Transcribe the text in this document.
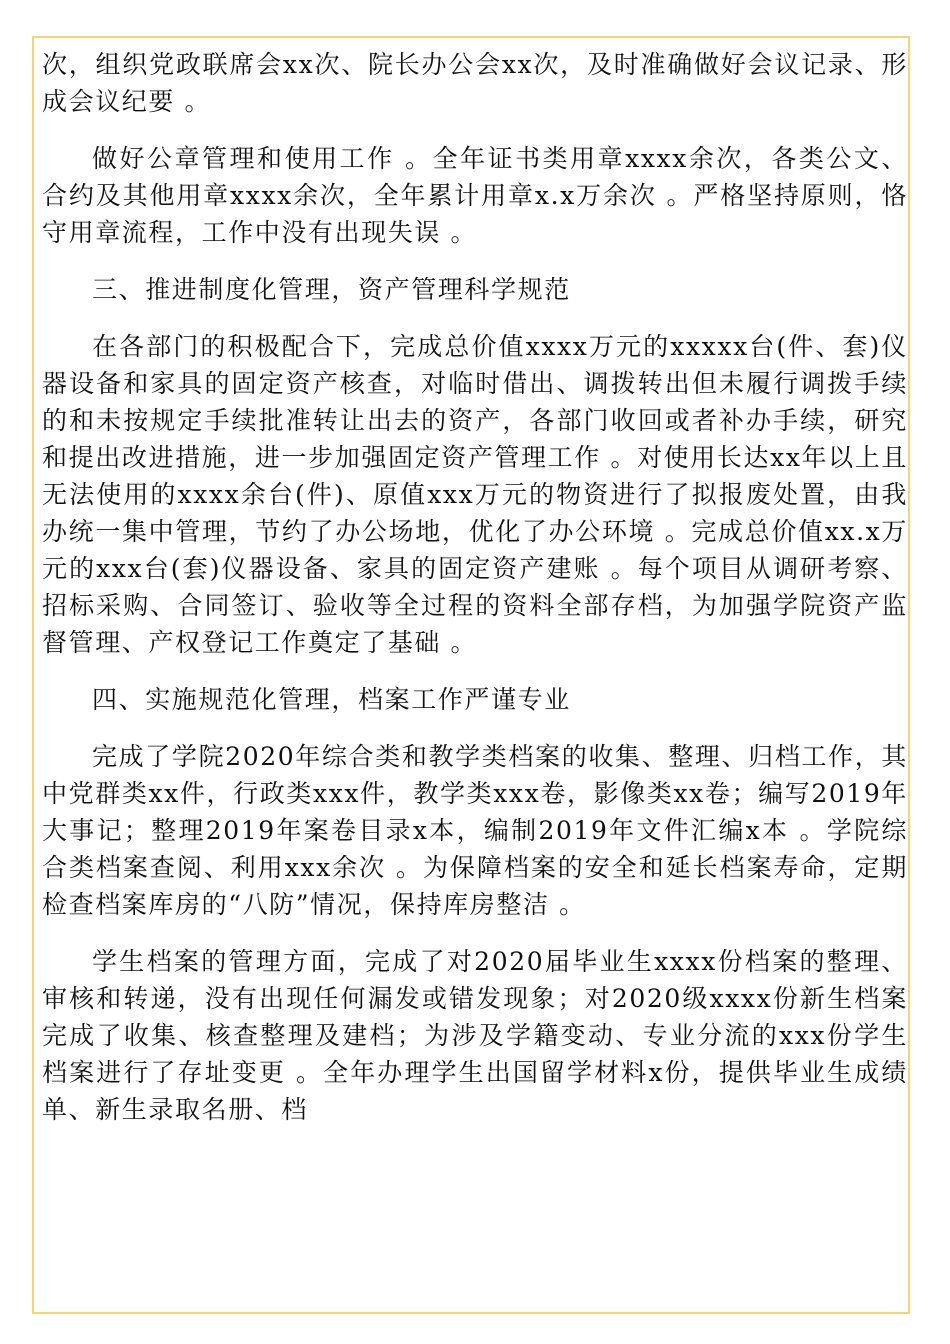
次，组织党政联席会xx次、院长办公会xx次，及时准确做好会议记录、形成会议纪要 。

做好公章管理和使用工作 。全年证书类用章xxxx余次，各类公文、合约及其他用章xxxx余次，全年累计用章x.x万余次 。严格坚持原则，恪守用章流程，工作中没有出现失误 。

三、推进制度化管理，资产管理科学规范

在各部门的积极配合下，完成总价值xxxx万元的xxxxx台(件、套)仪器设备和家具的固定资产核查，对临时借出、调拨转出但未履行调拨手续的和未按规定手续批准转让出去的资产，各部门收回或者补办手续，研究和提出改进措施，进一步加强固定资产管理工作 。对使用长达xx年以上且无法使用的xxxx余台(件)、原值xxx万元的物资进行了拟报废处置，由我办统一集中管理，节约了办公场地，优化了办公环境 。完成总价值xx.x万元的xxx台(套)仪器设备、家具的固定资产建账 。每个项目从调研考察、招标采购、合同签订、验收等全过程的资料全部存档，为加强学院资产监督管理、产权登记工作奠定了基础 。

四、实施规范化管理，档案工作严谨专业

完成了学院2020年综合类和教学类档案的收集、整理、归档工作，其中党群类xx件，行政类xxx件，教学类xxx卷，影像类xx卷；编写2019年大事记；整理2019年案卷目录x本，编制2019年文件汇编x本 。学院综合类档案查阅、利用xxx余次 。为保障档案的安全和延长档案寿命，定期检查档案库房的“八防”情况，保持库房整洁 。

学生档案的管理方面，完成了对2020届毕业生xxxx份档案的整理、审核和转递，没有出现任何漏发或错发现象；对2020级xxxx份新生档案完成了收集、核查整理及建档；为涉及学籍变动、专业分流的xxx份学生档案进行了存址变更 。全年办理学生出国留学材料x份，提供毕业生成绩单、新生录取名册、档
